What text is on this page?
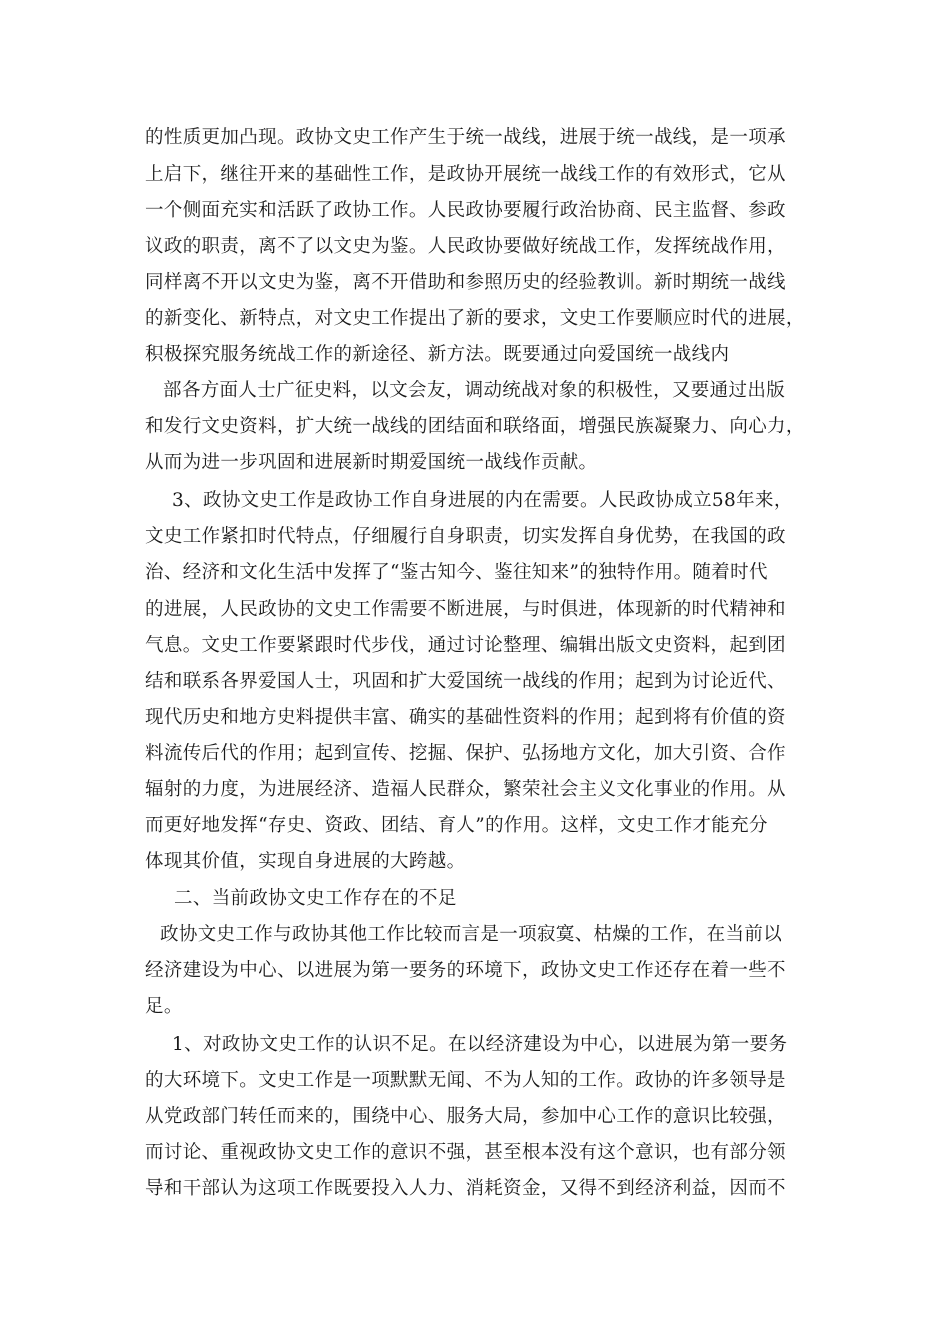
的性质更加凸现。政协文史工作产生于统一战线，进展于统一战线，是一项承
上启下，继往开来的基础性工作，是政协开展统一战线工作的有效形式，它从
一个侧面充实和活跃了政协工作。人民政协要履行政治协商、民主监督、参政
议政的职责，离不了以文史为鉴。人民政协要做好统战工作，发挥统战作用，
同样离不开以文史为鉴，离不开借助和参照历史的经验教训。新时期统一战线
的新变化、新特点，对文史工作提出了新的要求，文史工作要顺应时代的进展，
积极探究服务统战工作的新途径、新方法。既要通过向爱国统一战线内
部各方面人士广征史料，以文会友，调动统战对象的积极性，又要通过出版
和发行文史资料，扩大统一战线的团结面和联络面，增强民族凝聚力、向心力，
从而为进一步巩固和进展新时期爱国统一战线作贡献。
3、政协文史工作是政协工作自身进展的内在需要。人民政协成立58年来，
文史工作紧扣时代特点，仔细履行自身职责，切实发挥自身优势，在我国的政
治、经济和文化生活中发挥了“鉴古知今、鉴往知来”的独特作用。随着时代
的进展，人民政协的文史工作需要不断进展，与时俱进，体现新的时代精神和
气息。文史工作要紧跟时代步伐，通过讨论整理、编辑出版文史资料，起到团
结和联系各界爱国人士，巩固和扩大爱国统一战线的作用；起到为讨论近代、
现代历史和地方史料提供丰富、确实的基础性资料的作用；起到将有价值的资
料流传后代的作用；起到宣传、挖掘、保护、弘扬地方文化，加大引资、合作
辐射的力度，为进展经济、造福人民群众，繁荣社会主义文化事业的作用。从
而更好地发挥“存史、资政、团结、育人”的作用。这样，文史工作才能充分
体现其价值，实现自身进展的大跨越。
二、当前政协文史工作存在的不足
政协文史工作与政协其他工作比较而言是一项寂寞、枯燥的工作，在当前以
经济建设为中心、以进展为第一要务的环境下，政协文史工作还存在着一些不
足。
1、对政协文史工作的认识不足。在以经济建设为中心，以进展为第一要务
的大环境下。文史工作是一项默默无闻、不为人知的工作。政协的许多领导是
从党政部门转任而来的，围绕中心、服务大局，参加中心工作的意识比较强，
而讨论、重视政协文史工作的意识不强，甚至根本没有这个意识，也有部分领
导和干部认为这项工作既要投入人力、消耗资金，又得不到经济利益，因而不
